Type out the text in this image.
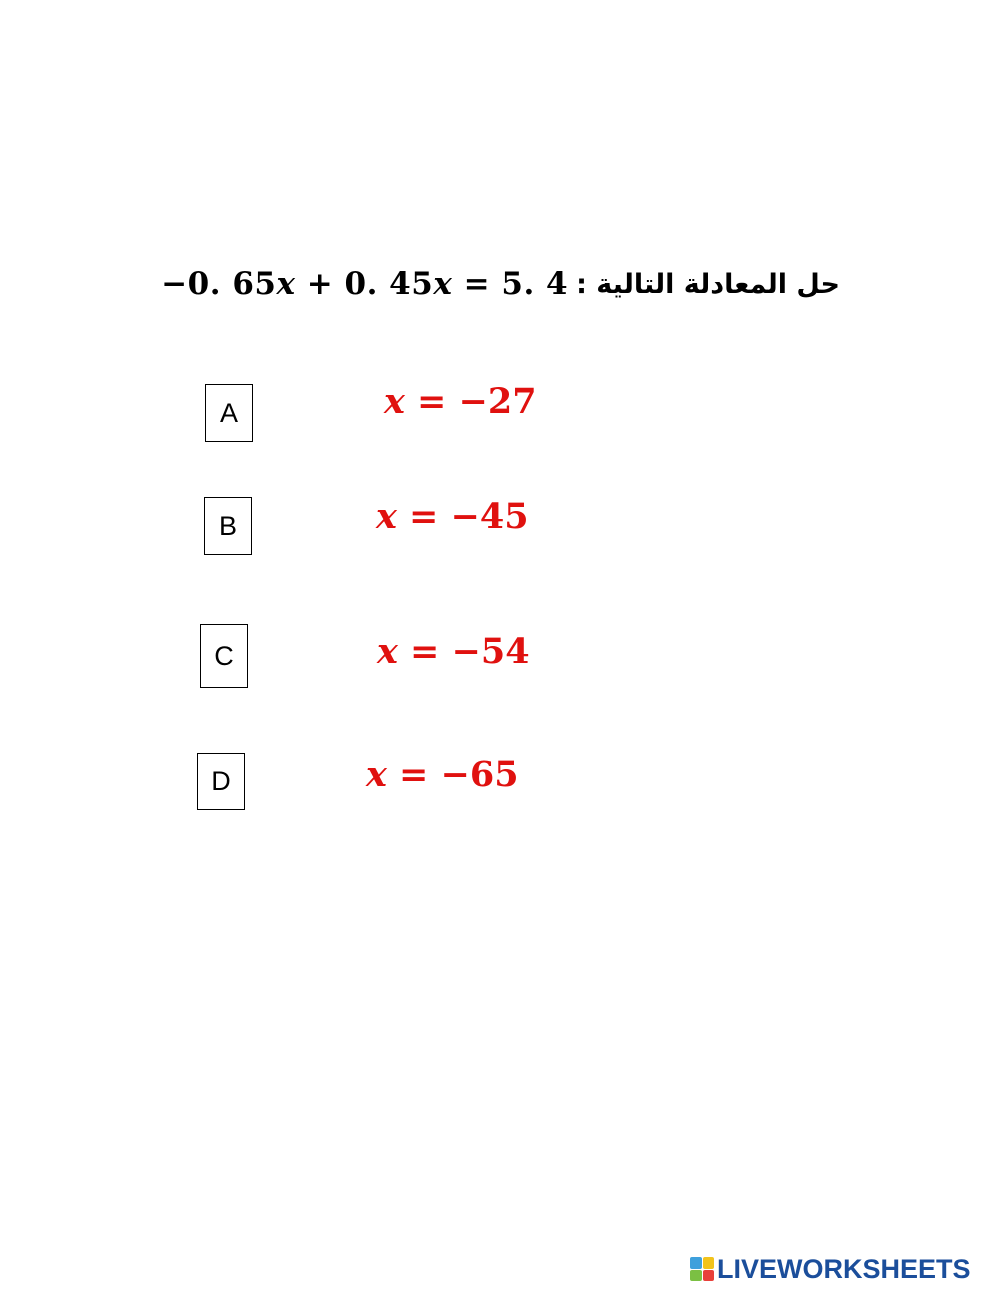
−0. 65x + 0. 45x = 5. 4 حل المعادلة التالية :
A	x = −27
B	x = −45
C	x = −54
D	x = −65
LIVEWORKSHEETS
